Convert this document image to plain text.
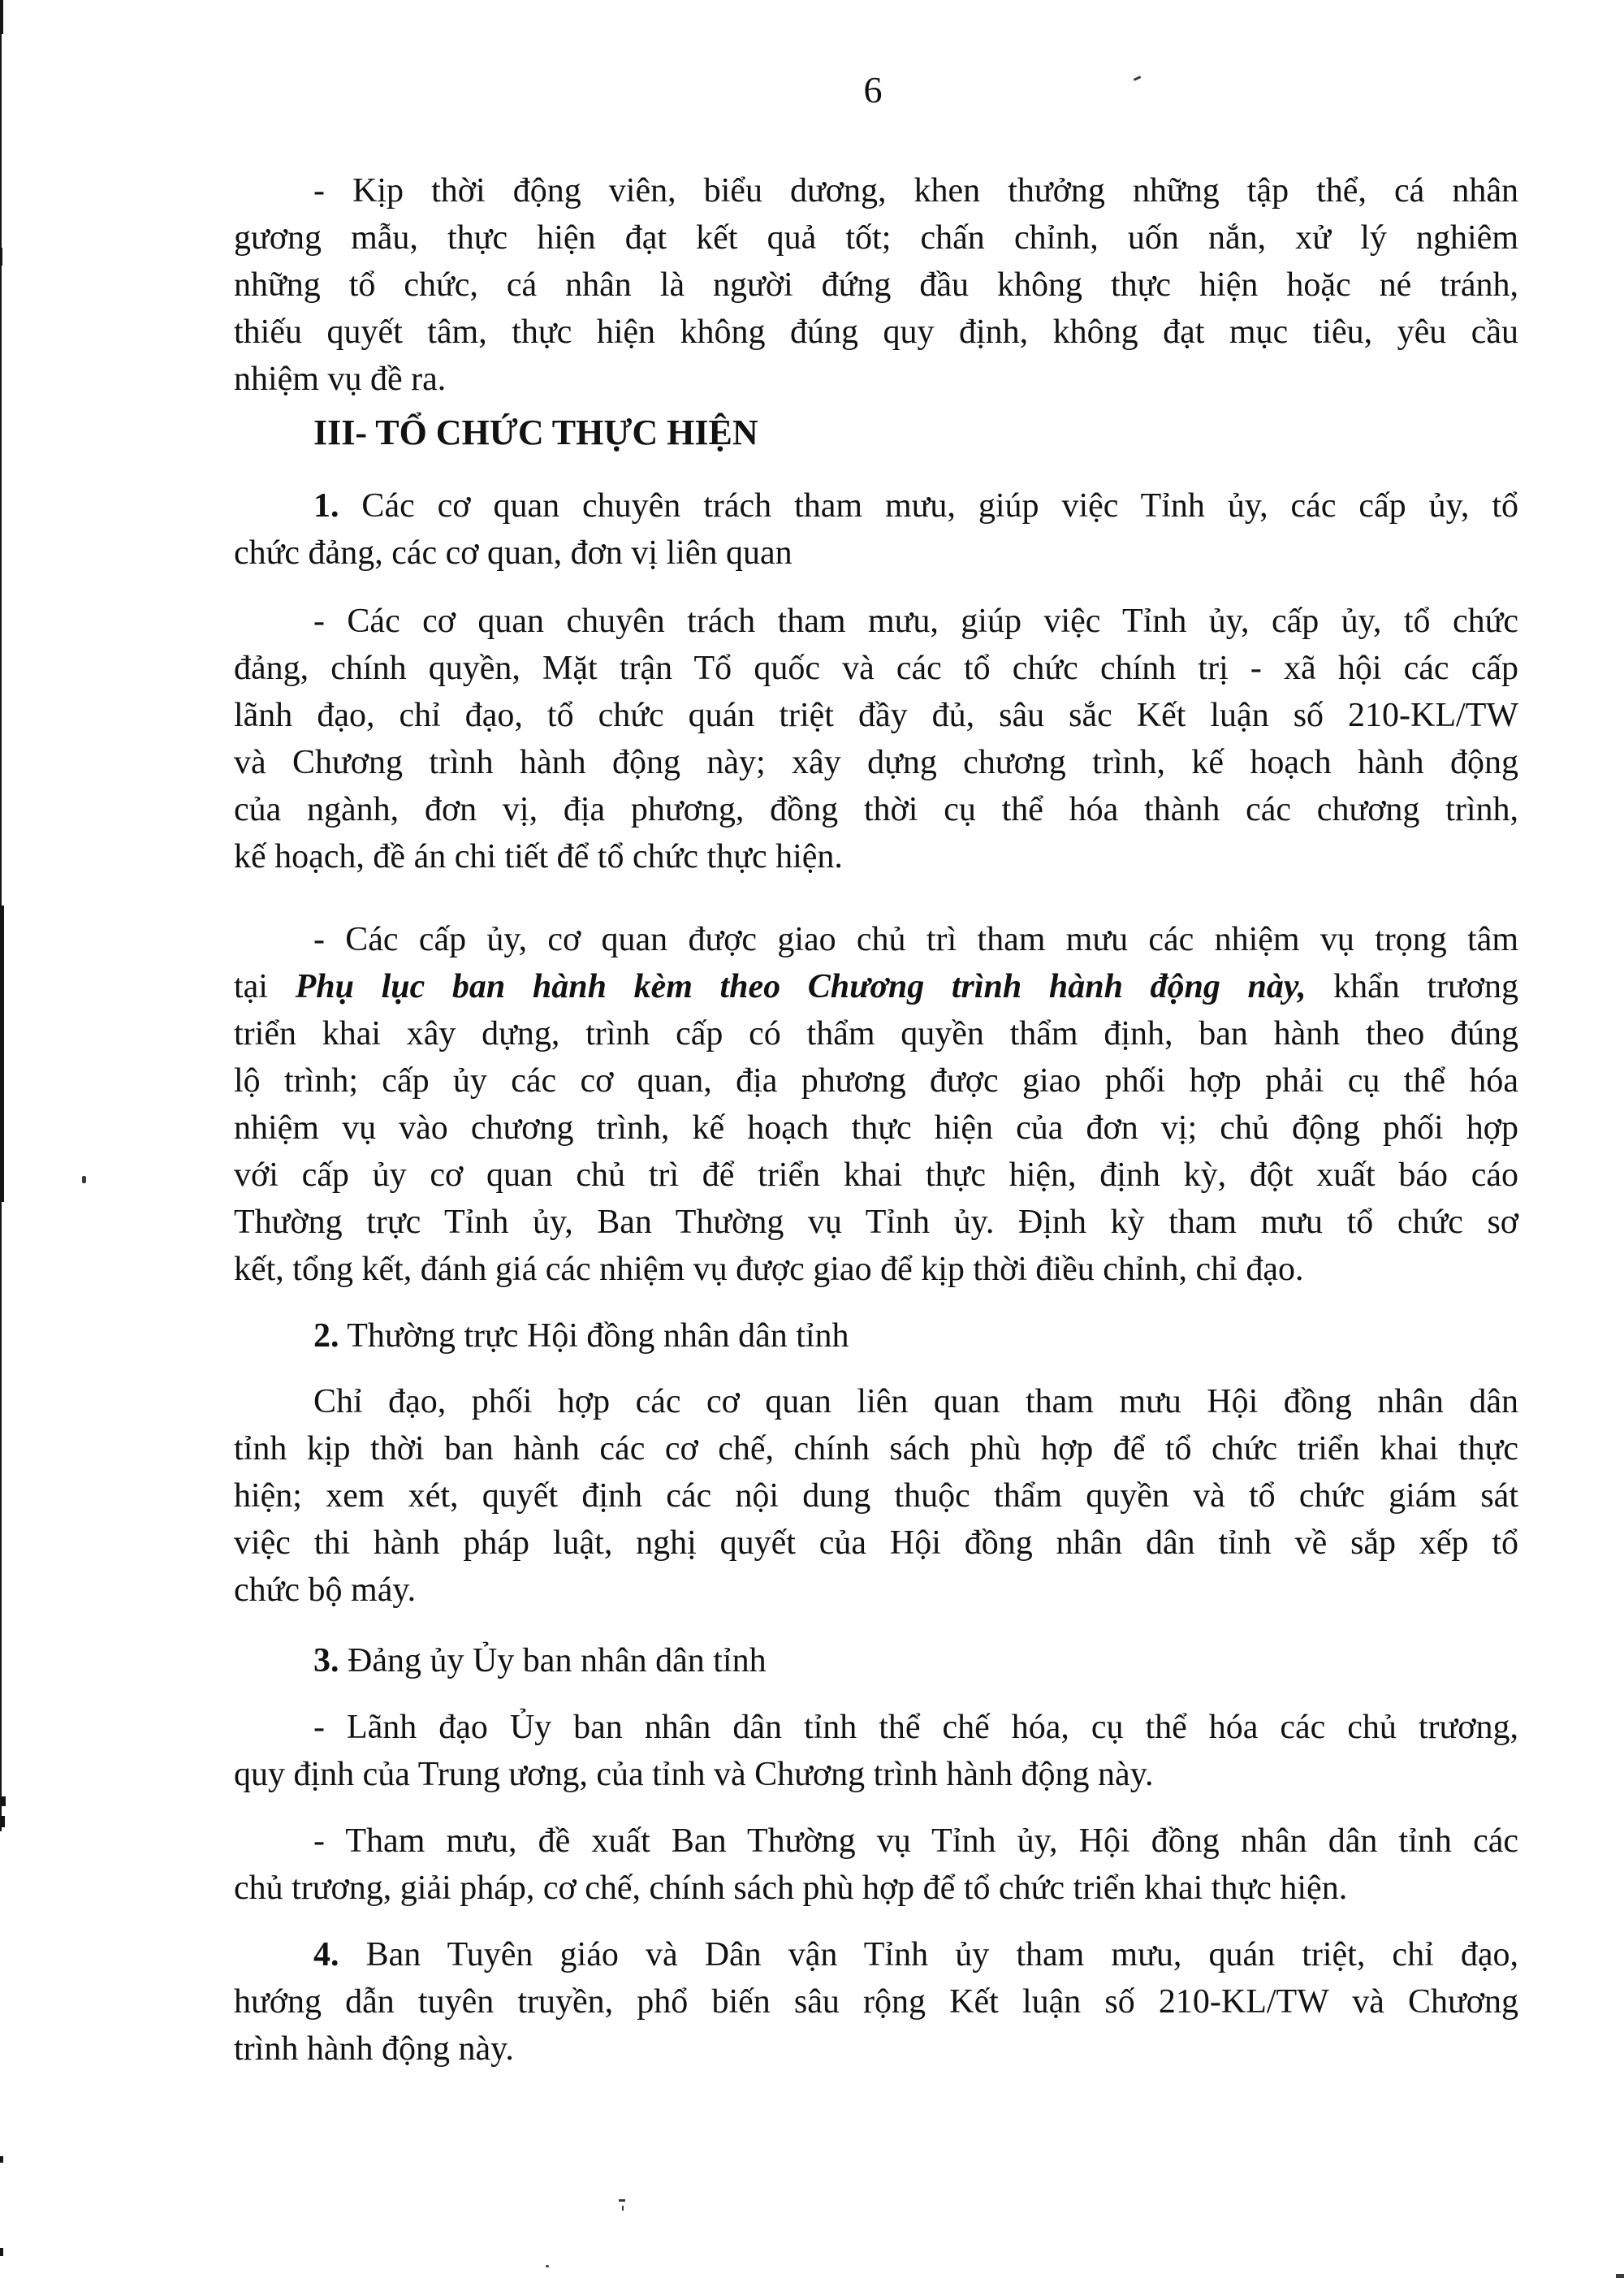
6
- Kịp thời động viên, biểu dương, khen thưởng những tập thể, cá nhân
gương mẫu, thực hiện đạt kết quả tốt; chấn chỉnh, uốn nắn, xử lý nghiêm
những tổ chức, cá nhân là người đứng đầu không thực hiện hoặc né tránh,
thiếu quyết tâm, thực hiện không đúng quy định, không đạt mục tiêu, yêu cầu
nhiệm vụ đề ra.
III- TỔ CHỨC THỰC HIỆN
1. Các cơ quan chuyên trách tham mưu, giúp việc Tỉnh ủy, các cấp ủy, tổ
chức đảng, các cơ quan, đơn vị liên quan
- Các cơ quan chuyên trách tham mưu, giúp việc Tỉnh ủy, cấp ủy, tổ chức
đảng, chính quyền, Mặt trận Tổ quốc và các tổ chức chính trị - xã hội các cấp
lãnh đạo, chỉ đạo, tổ chức quán triệt đầy đủ, sâu sắc Kết luận số 210-KL/TW
và Chương trình hành động này; xây dựng chương trình, kế hoạch hành động
của ngành, đơn vị, địa phương, đồng thời cụ thể hóa thành các chương trình,
kế hoạch, đề án chi tiết để tổ chức thực hiện.
- Các cấp ủy, cơ quan được giao chủ trì tham mưu các nhiệm vụ trọng tâm
tại Phụ lục ban hành kèm theo Chương trình hành động này, khẩn trương
triển khai xây dựng, trình cấp có thẩm quyền thẩm định, ban hành theo đúng
lộ trình; cấp ủy các cơ quan, địa phương được giao phối hợp phải cụ thể hóa
nhiệm vụ vào chương trình, kế hoạch thực hiện của đơn vị; chủ động phối hợp
với cấp ủy cơ quan chủ trì để triển khai thực hiện, định kỳ, đột xuất báo cáo
Thường trực Tỉnh ủy, Ban Thường vụ Tỉnh ủy. Định kỳ tham mưu tổ chức sơ
kết, tổng kết, đánh giá các nhiệm vụ được giao để kịp thời điều chỉnh, chỉ đạo.
2. Thường trực Hội đồng nhân dân tỉnh
Chỉ đạo, phối hợp các cơ quan liên quan tham mưu Hội đồng nhân dân
tỉnh kịp thời ban hành các cơ chế, chính sách phù hợp để tổ chức triển khai thực
hiện; xem xét, quyết định các nội dung thuộc thẩm quyền và tổ chức giám sát
việc thi hành pháp luật, nghị quyết của Hội đồng nhân dân tỉnh về sắp xếp tổ
chức bộ máy.
3. Đảng ủy Ủy ban nhân dân tỉnh
- Lãnh đạo Ủy ban nhân dân tỉnh thể chế hóa, cụ thể hóa các chủ trương,
quy định của Trung ương, của tỉnh và Chương trình hành động này.
- Tham mưu, đề xuất Ban Thường vụ Tỉnh ủy, Hội đồng nhân dân tỉnh các
chủ trương, giải pháp, cơ chế, chính sách phù hợp để tổ chức triển khai thực hiện.
4. Ban Tuyên giáo và Dân vận Tỉnh ủy tham mưu, quán triệt, chỉ đạo,
hướng dẫn tuyên truyền, phổ biến sâu rộng Kết luận số 210-KL/TW và Chương
trình hành động này.
